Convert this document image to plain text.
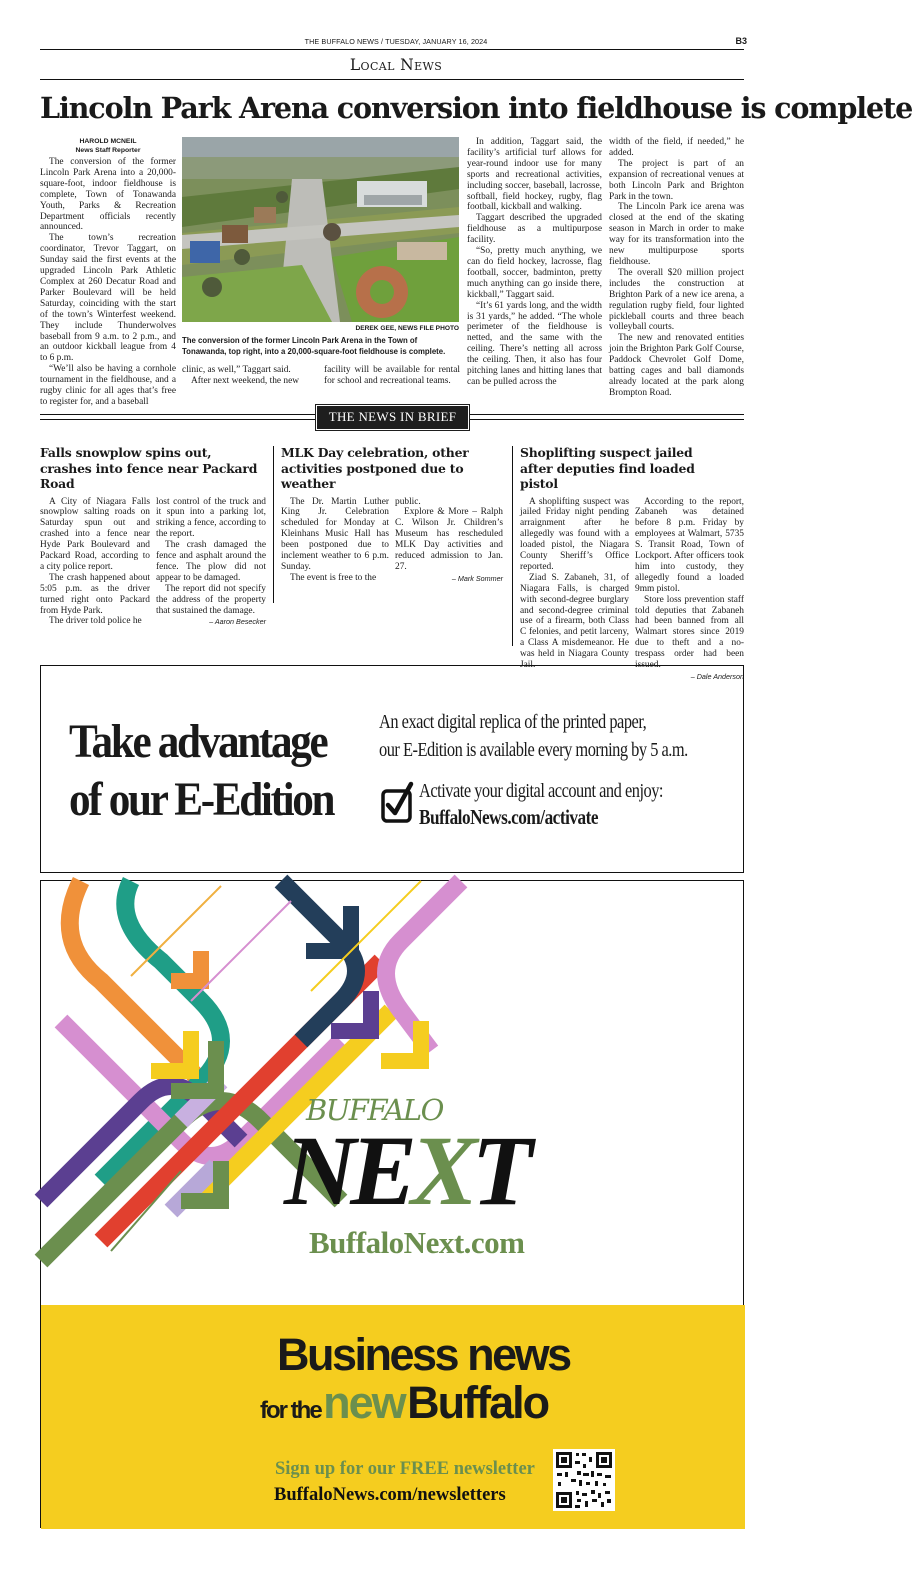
THE BUFFALO NEWS / TUESDAY, JANUARY 16, 2024	B3
Local News
Lincoln Park Arena conversion into fieldhouse is complete
HAROLD MCNEIL
News Staff Reporter

The conversion of the former Lincoln Park Arena into a 20,000-square-foot, indoor fieldhouse is complete, Town of Tonawanda Youth, Parks & Recreation Department officials recently announced.

The town’s recreation coordinator, Trevor Taggart, on Sunday said the first events at the upgraded Lincoln Park Athletic Complex at 260 Decatur Road and Parker Boulevard will be held Saturday, coinciding with the start of the town’s Winterfest weekend. They include Thunderwolves baseball from 9 a.m. to 2 p.m., and an outdoor kickball league from 4 to 6 p.m.

“We’ll also be having a cornhole tournament in the fieldhouse, and a rugby clinic for all ages that’s free to register for, and a baseball

DEREK GEE, NEWS FILE PHOTO
The conversion of the former Lincoln Park Arena in the Town of Tonawanda, top right, into a 20,000-square-foot fieldhouse is complete.

clinic, as well,” Taggart said.

After next weekend, the new

facility will be available for rental for school and recreational teams.

In addition, Taggart said, the facility’s artificial turf allows for year-round indoor use for many sports and recreational activities, including soccer, baseball, lacrosse, softball, field hockey, rugby, flag football, kickball and walking.

Taggart described the upgraded fieldhouse as a multipurpose facility.

“So, pretty much anything, we can do field hockey, lacrosse, flag football, soccer, badminton, pretty much anything can go inside there, kickball,” Taggart said.

“It’s 61 yards long, and the width is 31 yards,” he added. “The whole perimeter of the fieldhouse is netted, and the same with the ceiling. There’s netting all across the ceiling. Then, it also has four pitching lanes and hitting lanes that can be pulled across the

width of the field, if needed,” he added.

The project is part of an expansion of recreational venues at both Lincoln Park and Brighton Park in the town.

The Lincoln Park ice arena was closed at the end of the skating season in March in order to make way for its transformation into the new multipurpose sports fieldhouse.

The overall $20 million project includes the construction at Brighton Park of a new ice arena, a regulation rugby field, four lighted pickleball courts and three beach volleyball courts.

The new and renovated entities join the Brighton Park Golf Course, Paddock Chevrolet Golf Dome, batting cages and ball diamonds already located at the park along Brompton Road.

THE NEWS IN BRIEF
Falls snowplow spins out, crashes into fence near Packard Road

A City of Niagara Falls snowplow salting roads on Saturday spun out and crashed into a fence near Hyde Park Boulevard and Packard Road, according to a city police report.

The crash happened about 5:05 p.m. as the driver turned right onto Packard from Hyde Park.

The driver told police he

lost control of the truck and it spun into a parking lot, striking a fence, according to the report.

The crash damaged the fence and asphalt around the fence. The plow did not appear to be damaged.

The report did not specify the address of the property that sustained the damage.

– Aaron Besecker
MLK Day celebration, other activities postponed due to weather

The Dr. Martin Luther King Jr. Celebration scheduled for Monday at Kleinhans Music Hall has been postponed due to inclement weather to 6 p.m. Sunday.

The event is free to the

public.

Explore & More – Ralph C. Wilson Jr. Children’s Museum has rescheduled MLK Day activities and reduced admission to Jan. 27.

– Mark Sommer
Shoplifting suspect jailed after deputies find loaded pistol

A shoplifting suspect was jailed Friday night pending arraignment after he allegedly was found with a loaded pistol, the Niagara County Sheriff’s Office reported.

Ziad S. Zabaneh, 31, of Niagara Falls, is charged with second-degree burglary and second-degree criminal use of a firearm, both Class C felonies, and petit larceny, a Class A misdemeanor. He was held in Niagara County Jail.

According to the report, Zabaneh was detained before 8 p.m. Friday by employees at Walmart, 5735 S. Transit Road, Town of Lockport. After officers took him into custody, they allegedly found a loaded 9mm pistol.

Store loss prevention staff told deputies that Zabaneh had been banned from all Walmart stores since 2019 due to theft and a no-trespass order had been issued.

– Dale Anderson
Take advantage
of our E-Edition
An exact digital replica of the printed paper,
our E-Edition is available every morning by 5 a.m.
Activate your digital account and enjoy:
BuffaloNews.com/activate
BUFFALO
NEXT
BuffaloNext.com
Business news
for the new Buffalo
Sign up for our FREE newsletter
BuffaloNews.com/newsletters
